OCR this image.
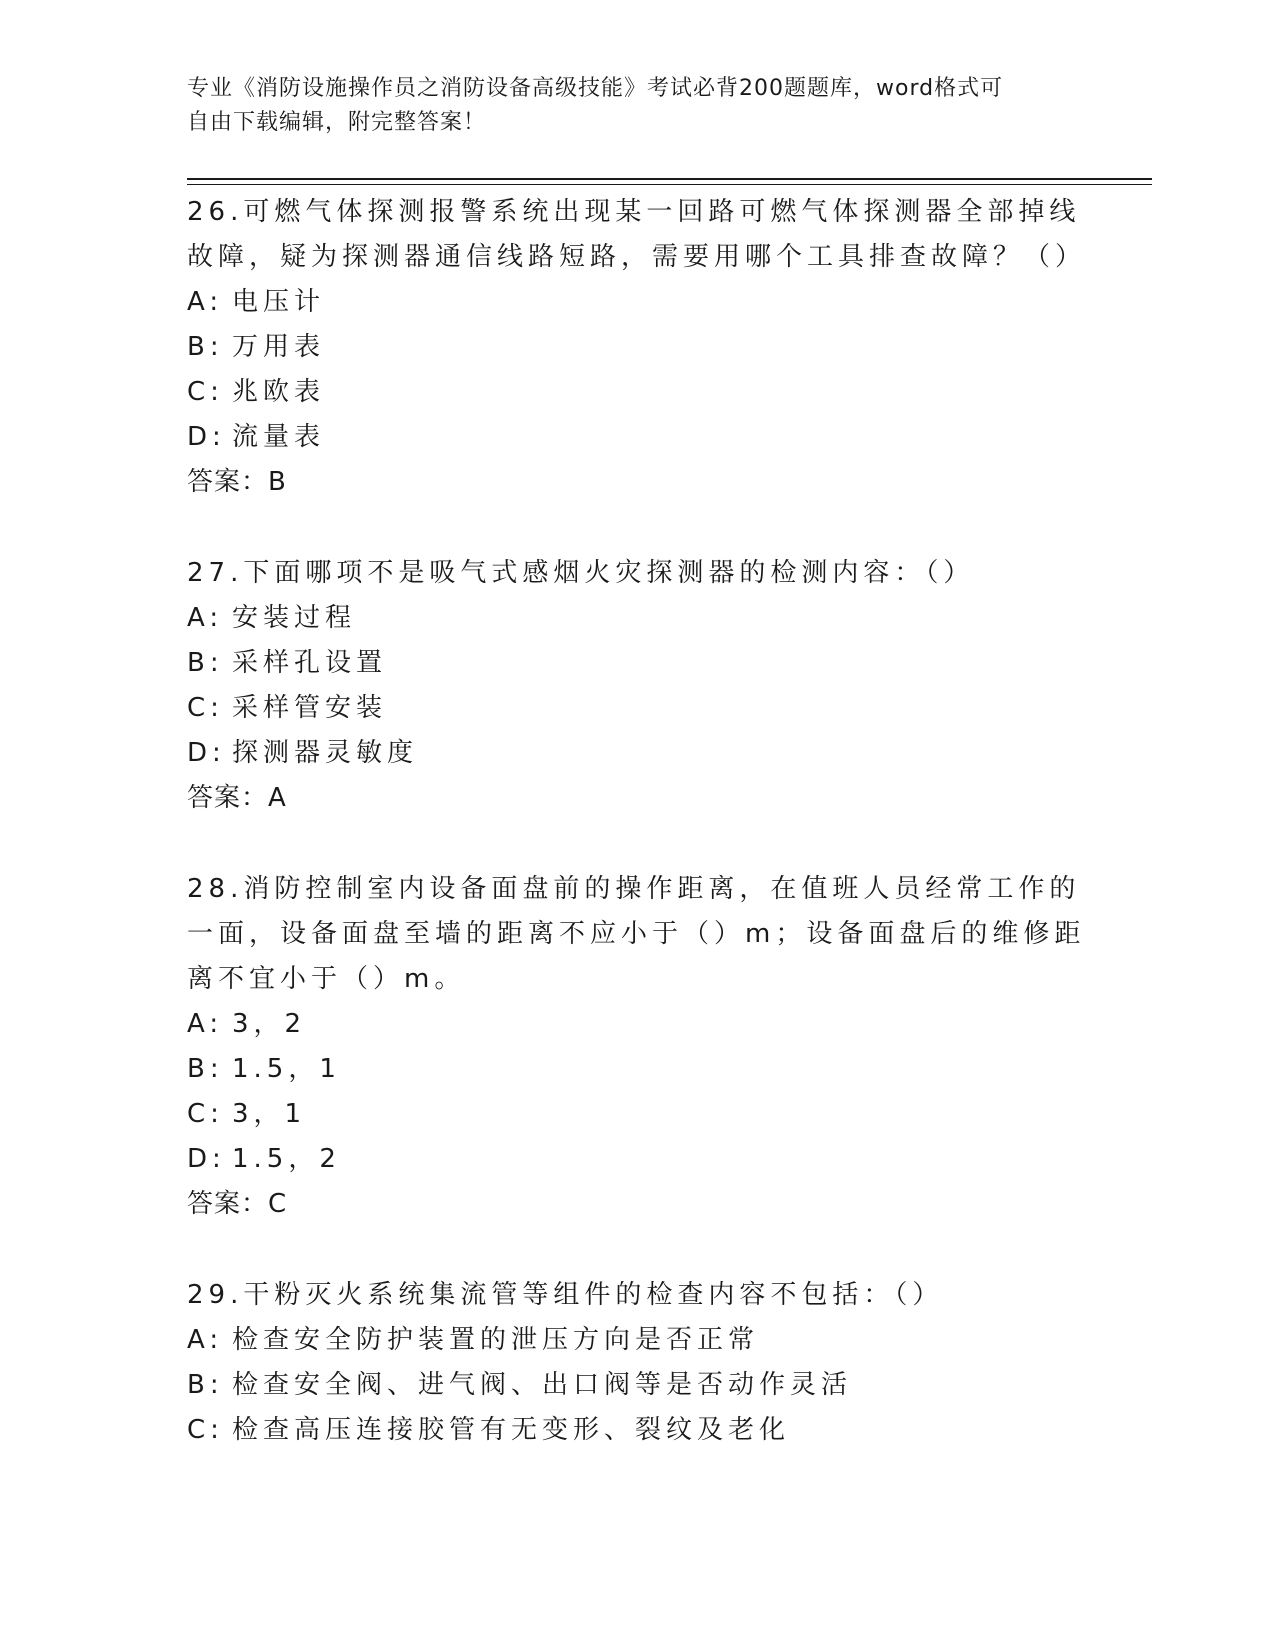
专业《消防设施操作员之消防设备高级技能》考试必背200题题库，word格式可
自由下载编辑，附完整答案！

26.可燃气体探测报警系统出现某一回路可燃气体探测器全部掉线故障，疑为探测器通信线路短路，需要用哪个工具排查故障？（）

A: 电压计
B: 万用表
C: 兆欧表
D: 流量表
答案：B

27.下面哪项不是吸气式感烟火灾探测器的检测内容：（）

A: 安装过程
B: 采样孔设置
C: 采样管安装
D: 探测器灵敏度
答案：A

28.消防控制室内设备面盘前的操作距离，在值班人员经常工作的一面，设备面盘至墙的距离不应小于（）m；设备面盘后的维修距离不宜小于（）m。

A: 3，2
B: 1.5，1
C: 3，1
D: 1.5，2
答案：C

29.干粉灭火系统集流管等组件的检查内容不包括：（）

A: 检查安全防护装置的泄压方向是否正常
B: 检查安全阀、进气阀、出口阀等是否动作灵活
C: 检查高压连接胶管有无变形、裂纹及老化
